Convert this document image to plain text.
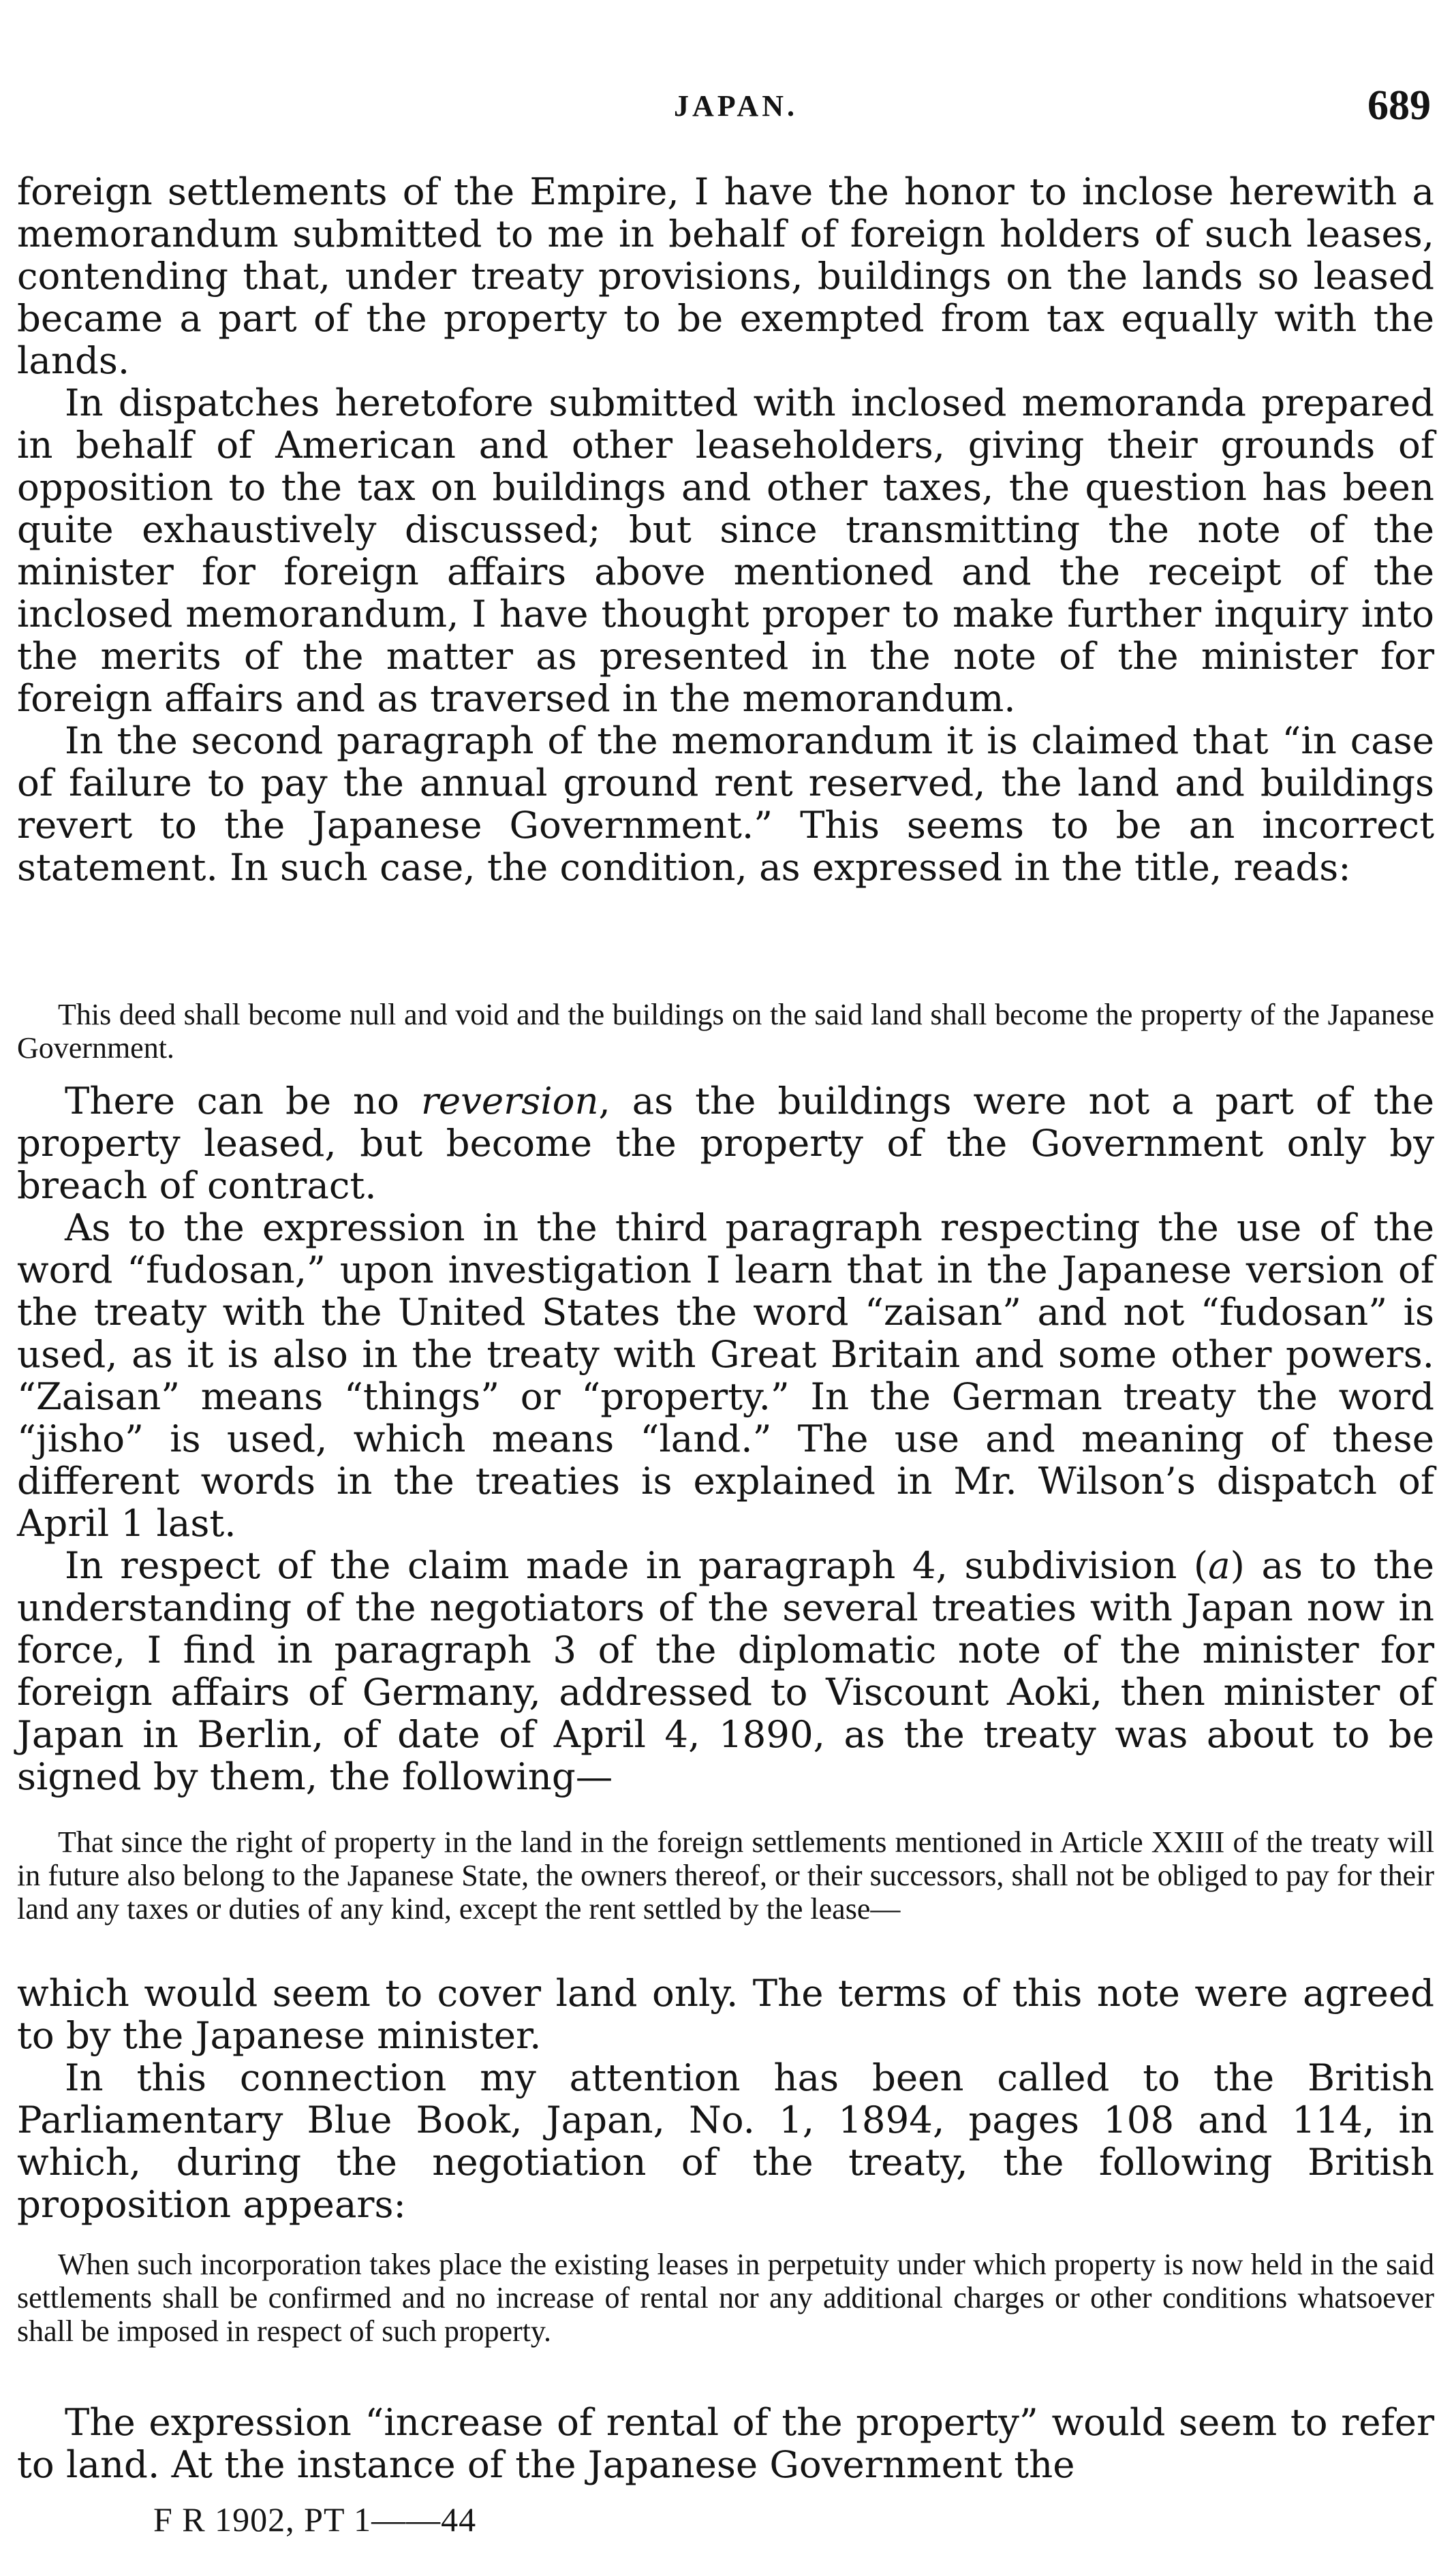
JAPAN.	689

foreign settlements of the Empire, I have the honor to inclose herewith a memorandum submitted to me in behalf of foreign holders of such leases, contending that, under treaty provisions, buildings on the lands so leased became a part of the property to be exempted from tax equally with the lands.

In dispatches heretofore submitted with inclosed memoranda prepared in behalf of American and other leaseholders, giving their grounds of opposition to the tax on buildings and other taxes, the question has been quite exhaustively discussed; but since transmitting the note of the minister for foreign affairs above mentioned and the receipt of the inclosed memorandum, I have thought proper to make further inquiry into the merits of the matter as presented in the note of the minister for foreign affairs and as traversed in the memorandum.

In the second paragraph of the memorandum it is claimed that “in case of failure to pay the annual ground rent reserved, the land and buildings revert to the Japanese Government.” This seems to be an incorrect statement. In such case, the condition, as expressed in the title, reads:

This deed shall become null and void and the buildings on the said land shall become the property of the Japanese Government.

There can be no reversion, as the buildings were not a part of the property leased, but become the property of the Government only by breach of contract.

As to the expression in the third paragraph respecting the use of the word “fudosan,” upon investigation I learn that in the Japanese version of the treaty with the United States the word “zaisan” and not “fudosan” is used, as it is also in the treaty with Great Britain and some other powers. “Zaisan” means “things” or “property.” In the German treaty the word “jisho” is used, which means “land.” The use and meaning of these different words in the treaties is explained in Mr. Wilson’s dispatch of April 1 last.

In respect of the claim made in paragraph 4, subdivision (a) as to the understanding of the negotiators of the several treaties with Japan now in force, I find in paragraph 3 of the diplomatic note of the minister for foreign affairs of Germany, addressed to Viscount Aoki, then minister of Japan in Berlin, of date of April 4, 1890, as the treaty was about to be signed by them, the following—

That since the right of property in the land in the foreign settlements mentioned in Article XXIII of the treaty will in future also belong to the Japanese State, the owners thereof, or their successors, shall not be obliged to pay for their land any taxes or duties of any kind, except the rent settled by the lease—

which would seem to cover land only. The terms of this note were agreed to by the Japanese minister.

In this connection my attention has been called to the British Parliamentary Blue Book, Japan, No. 1, 1894, pages 108 and 114, in which, during the negotiation of the treaty, the following British proposition appears:

When such incorporation takes place the existing leases in perpetuity under which property is now held in the said settlements shall be confirmed and no increase of rental nor any additional charges or other conditions whatsoever shall be imposed in respect of such property.

The expression “increase of rental of the property” would seem to refer to land. At the instance of the Japanese Government the

F R 1902, PT 1——44
